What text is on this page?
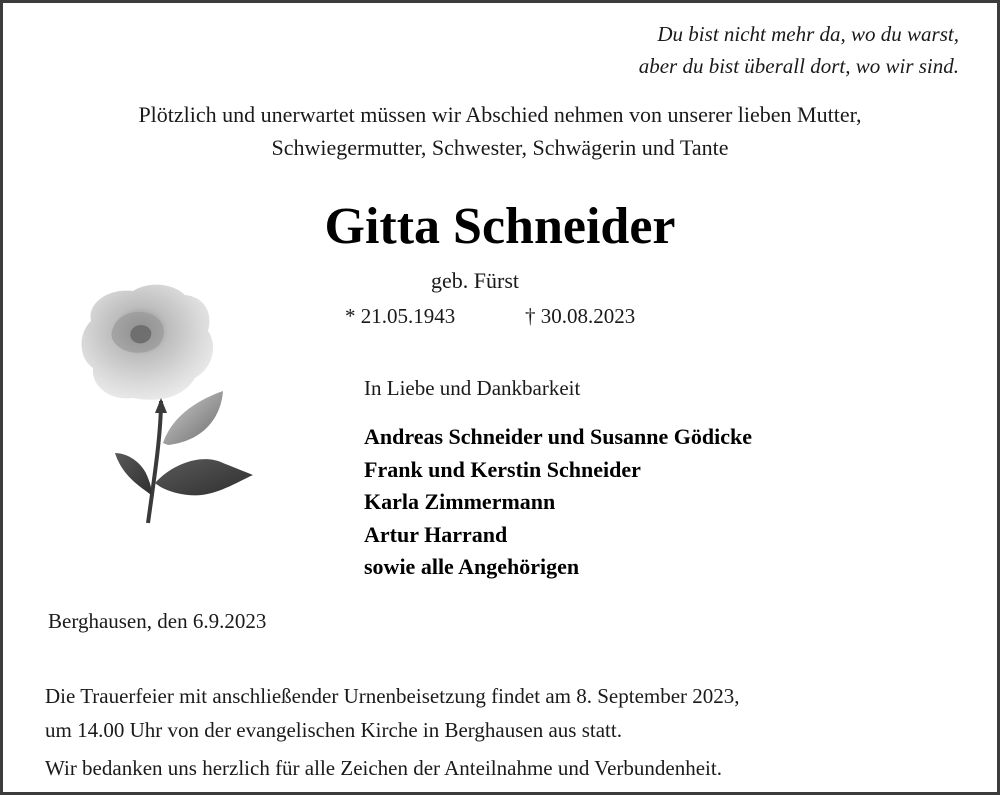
Du bist nicht mehr da, wo du warst,
aber du bist überall dort, wo wir sind.
Plötzlich und unerwartet müssen wir Abschied nehmen von unserer lieben Mutter,
Schwiegermutter, Schwester, Schwägerin und Tante
Gitta Schneider
geb. Fürst
* 21.05.1943	† 30.08.2023
In Liebe und Dankbarkeit
Andreas Schneider und Susanne Gödicke
Frank und Kerstin Schneider
Karla Zimmermann
Artur Harrand
sowie alle Angehörigen
Berghausen, den 6.9.2023
Die Trauerfeier mit anschließender Urnenbeisetzung findet am 8. September 2023,
um 14.00 Uhr von der evangelischen Kirche in Berghausen aus statt.
Wir bedanken uns herzlich für alle Zeichen der Anteilnahme und Verbundenheit.
